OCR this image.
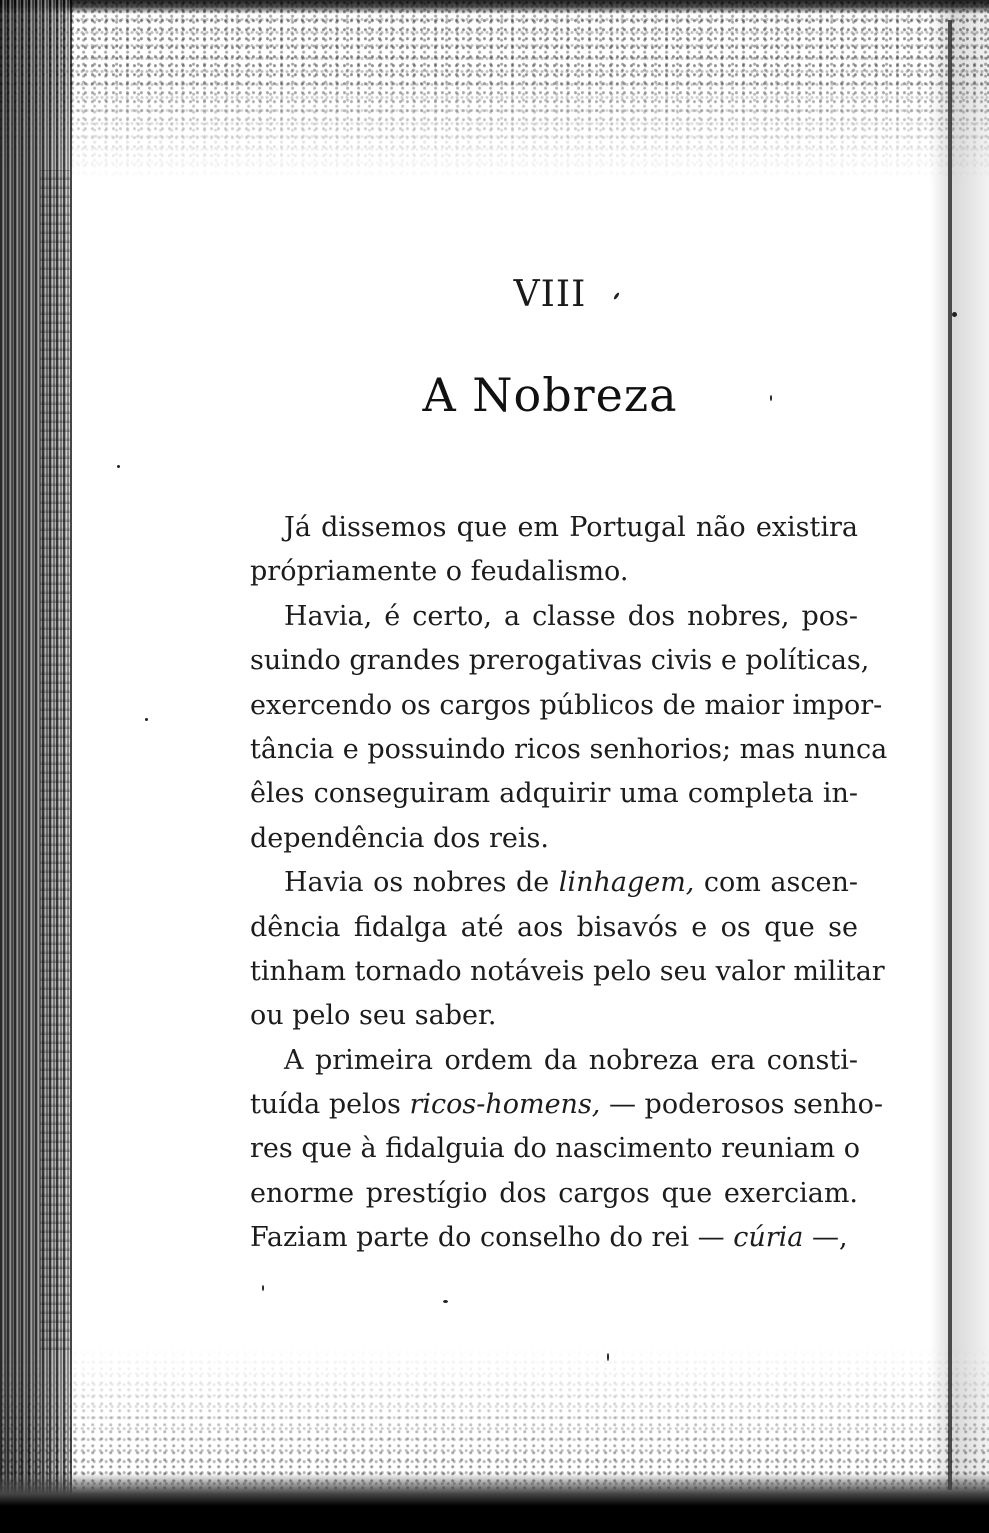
VIII
A Nobreza
Já dissemos que em Portugal não existira
própriamente o feudalismo.
Havia, é certo, a classe dos nobres, pos-
suindo grandes prerogativas civis e políticas,
exercendo os cargos públicos de maior impor-
tância e possuindo ricos senhorios; mas nunca
êles conseguiram adquirir uma completa in-
dependência dos reis.
Havia os nobres de linhagem, com ascen-
dência fidalga até aos bisavós e os que se
tinham tornado notáveis pelo seu valor militar
ou pelo seu saber.
A primeira ordem da nobreza era consti-
tuída pelos ricos-homens, — poderosos senho-
res que à fidalguia do nascimento reuniam o
enorme prestígio dos cargos que exerciam.
Faziam parte do conselho do rei — cúria —,
